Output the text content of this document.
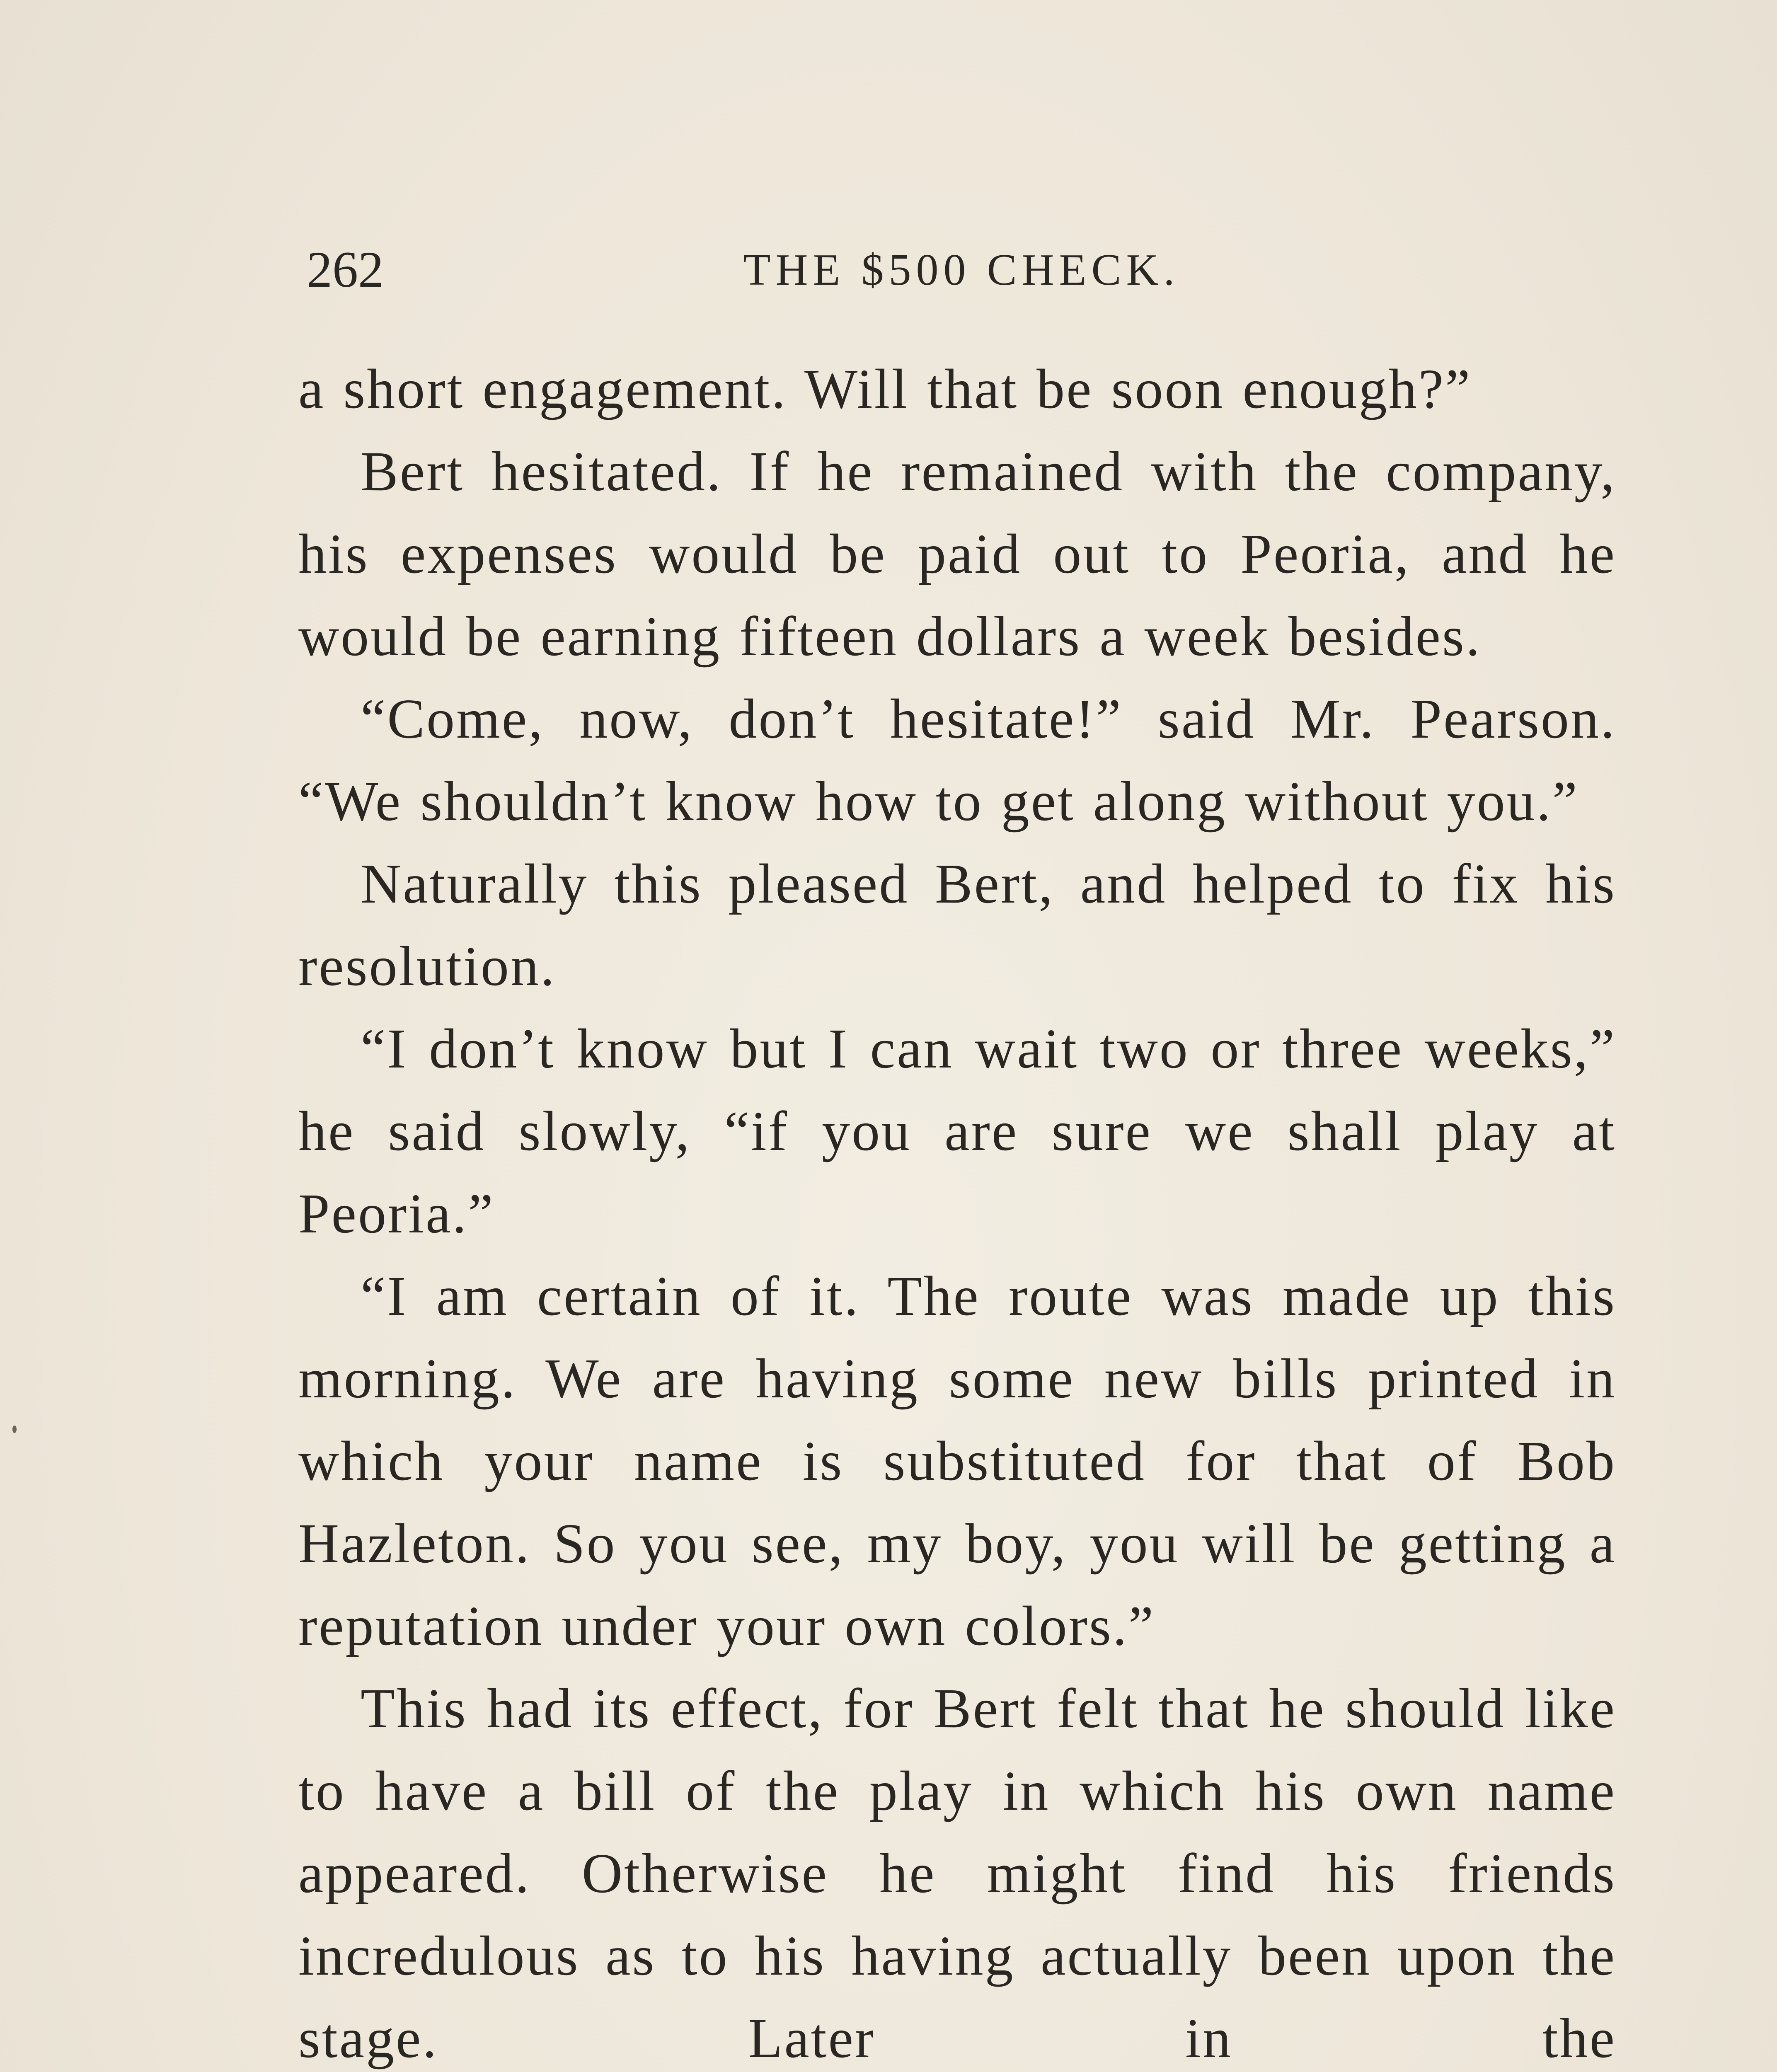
262	THE $500 CHECK.

a short engagement. Will that be soon enough?”

Bert hesitated. If he remained with the company, his expenses would be paid out to Peoria, and he would be earning fifteen dollars a week besides.

“Come, now, don’t hesitate!” said Mr. Pearson. “We shouldn’t know how to get along without you.”

Naturally this pleased Bert, and helped to fix his resolution.

“I don’t know but I can wait two or three weeks,” he said slowly, “if you are sure we shall play at Peoria.”

“I am certain of it. The route was made up this morning. We are having some new bills printed in which your name is substituted for that of Bob Hazleton. So you see, my boy, you will be getting a reputation under your own colors.”

This had its effect, for Bert felt that he should like to have a bill of the play in which his own name appeared. Otherwise he might find his friends incredulous as to his having actually been upon the stage. Later in the
